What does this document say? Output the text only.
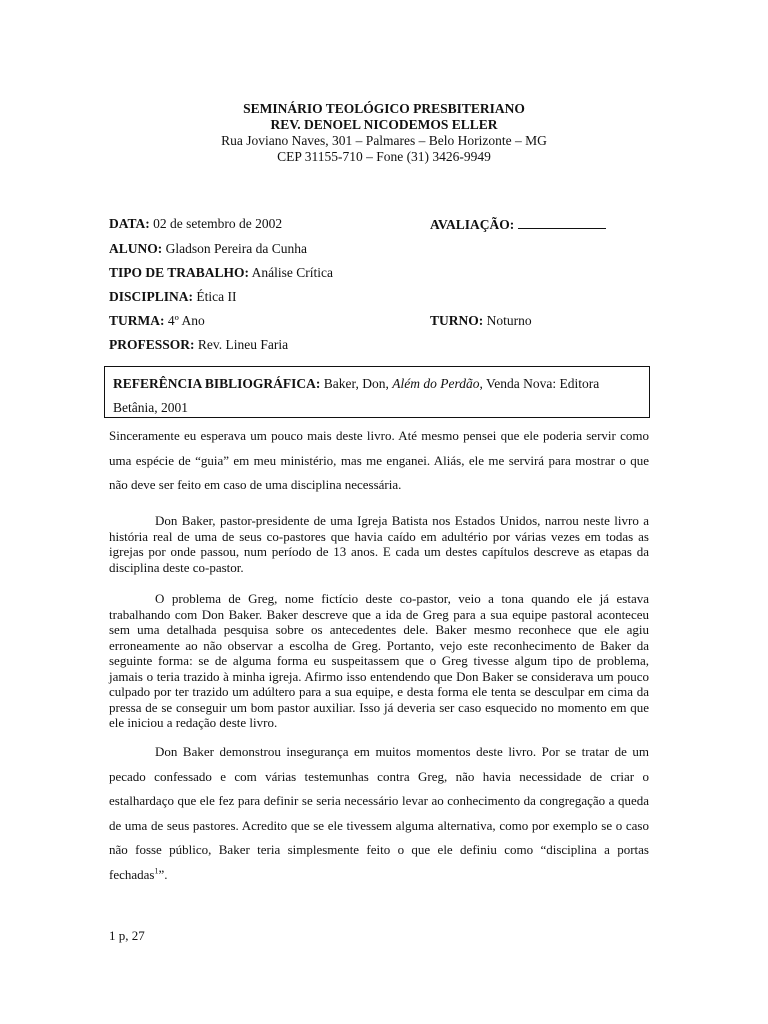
SEMINÁRIO TEOLÓGICO PRESBITERIANO
REV. DENOEL NICODEMOS ELLER
Rua Joviano Naves, 301 – Palmares – Belo Horizonte – MG
CEP 31155-710 – Fone (31) 3426-9949
DATA: 02 de setembro de 2002	AVALIAÇÃO:
ALUNO: Gladson Pereira da Cunha
TIPO DE TRABALHO: Análise Crítica
DISCIPLINA: Ética II
TURMA: 4º Ano	TURNO: Noturno
PROFESSOR: Rev. Lineu Faria
REFERÊNCIA BIBLIOGRÁFICA: Baker, Don, Além do Perdão, Venda Nova: Editora Betânia, 2001

Sinceramente eu esperava um pouco mais deste livro. Até mesmo pensei que ele poderia servir como uma espécie de “guia” em meu ministério, mas me enganei. Aliás, ele me servirá para mostrar o que não deve ser feito em caso de uma disciplina necessária.

Don Baker, pastor-presidente de uma Igreja Batista nos Estados Unidos, narrou neste livro a história real de uma de seus co-pastores que havia caído em adultério por várias vezes em todas as igrejas por onde passou, num período de 13 anos. E cada um destes capítulos descreve as etapas da disciplina deste co-pastor.

O problema de Greg, nome fictício deste co-pastor, veio a tona quando ele já estava trabalhando com Don Baker. Baker descreve que a ida de Greg para a sua equipe pastoral aconteceu sem uma detalhada pesquisa sobre os antecedentes dele. Baker mesmo reconhece que ele agiu erroneamente ao não observar a escolha de Greg. Portanto, vejo este reconhecimento de Baker da seguinte forma: se de alguma forma eu suspeitassem que o Greg tivesse algum tipo de problema, jamais o teria trazido à minha igreja. Afirmo isso entendendo que Don Baker se considerava um pouco culpado por ter trazido um adúltero para a sua equipe, e desta forma ele tenta se desculpar em cima da pressa de se conseguir um bom pastor auxiliar. Isso já deveria ser caso esquecido no momento em que ele iniciou a redação deste livro.

Don Baker demonstrou insegurança em muitos momentos deste livro. Por se tratar de um pecado confessado e com várias testemunhas contra Greg, não havia necessidade de criar o estalhardaço que ele fez para definir se seria necessário levar ao conhecimento da congregação a queda de uma de seus pastores. Acredito que se ele tivessem alguma alternativa, como por exemplo se o caso não fosse público, Baker teria simplesmente feito o que ele definiu como “disciplina a portas fechadas$^1$”.

1 p, 27
